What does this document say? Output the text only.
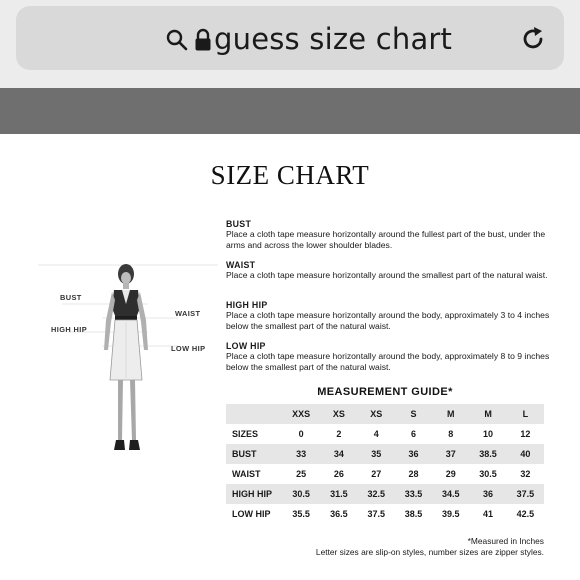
guess size chart
SIZE CHART
BUST
Place a cloth tape measure horizontally around the fullest part of the bust, under the arms and across the lower shoulder blades.
WAIST
Place a cloth tape measure horizontally around the smallest part of the natural waist.
HIGH HIP
Place a cloth tape measure horizontally around the body, approximately 3 to 4 inches below the smallest part of the natural waist.
LOW HIP
Place a cloth tape measure horizontally around the body, approximately 8 to 9 inches below the smallest part of the natural waist.
BUST
WAIST
HIGH HIP
LOW HIP
MEASUREMENT GUIDE*
	XXS	XS	XS	S	M	M	L
SIZES	0	2	4	6	8	10	12
BUST	33	34	35	36	37	38.5	40
WAIST	25	26	27	28	29	30.5	32
HIGH HIP	30.5	31.5	32.5	33.5	34.5	36	37.5
LOW HIP	35.5	36.5	37.5	38.5	39.5	41	42.5
*Measured in Inches
Letter sizes are slip-on styles, number sizes are zipper styles.
